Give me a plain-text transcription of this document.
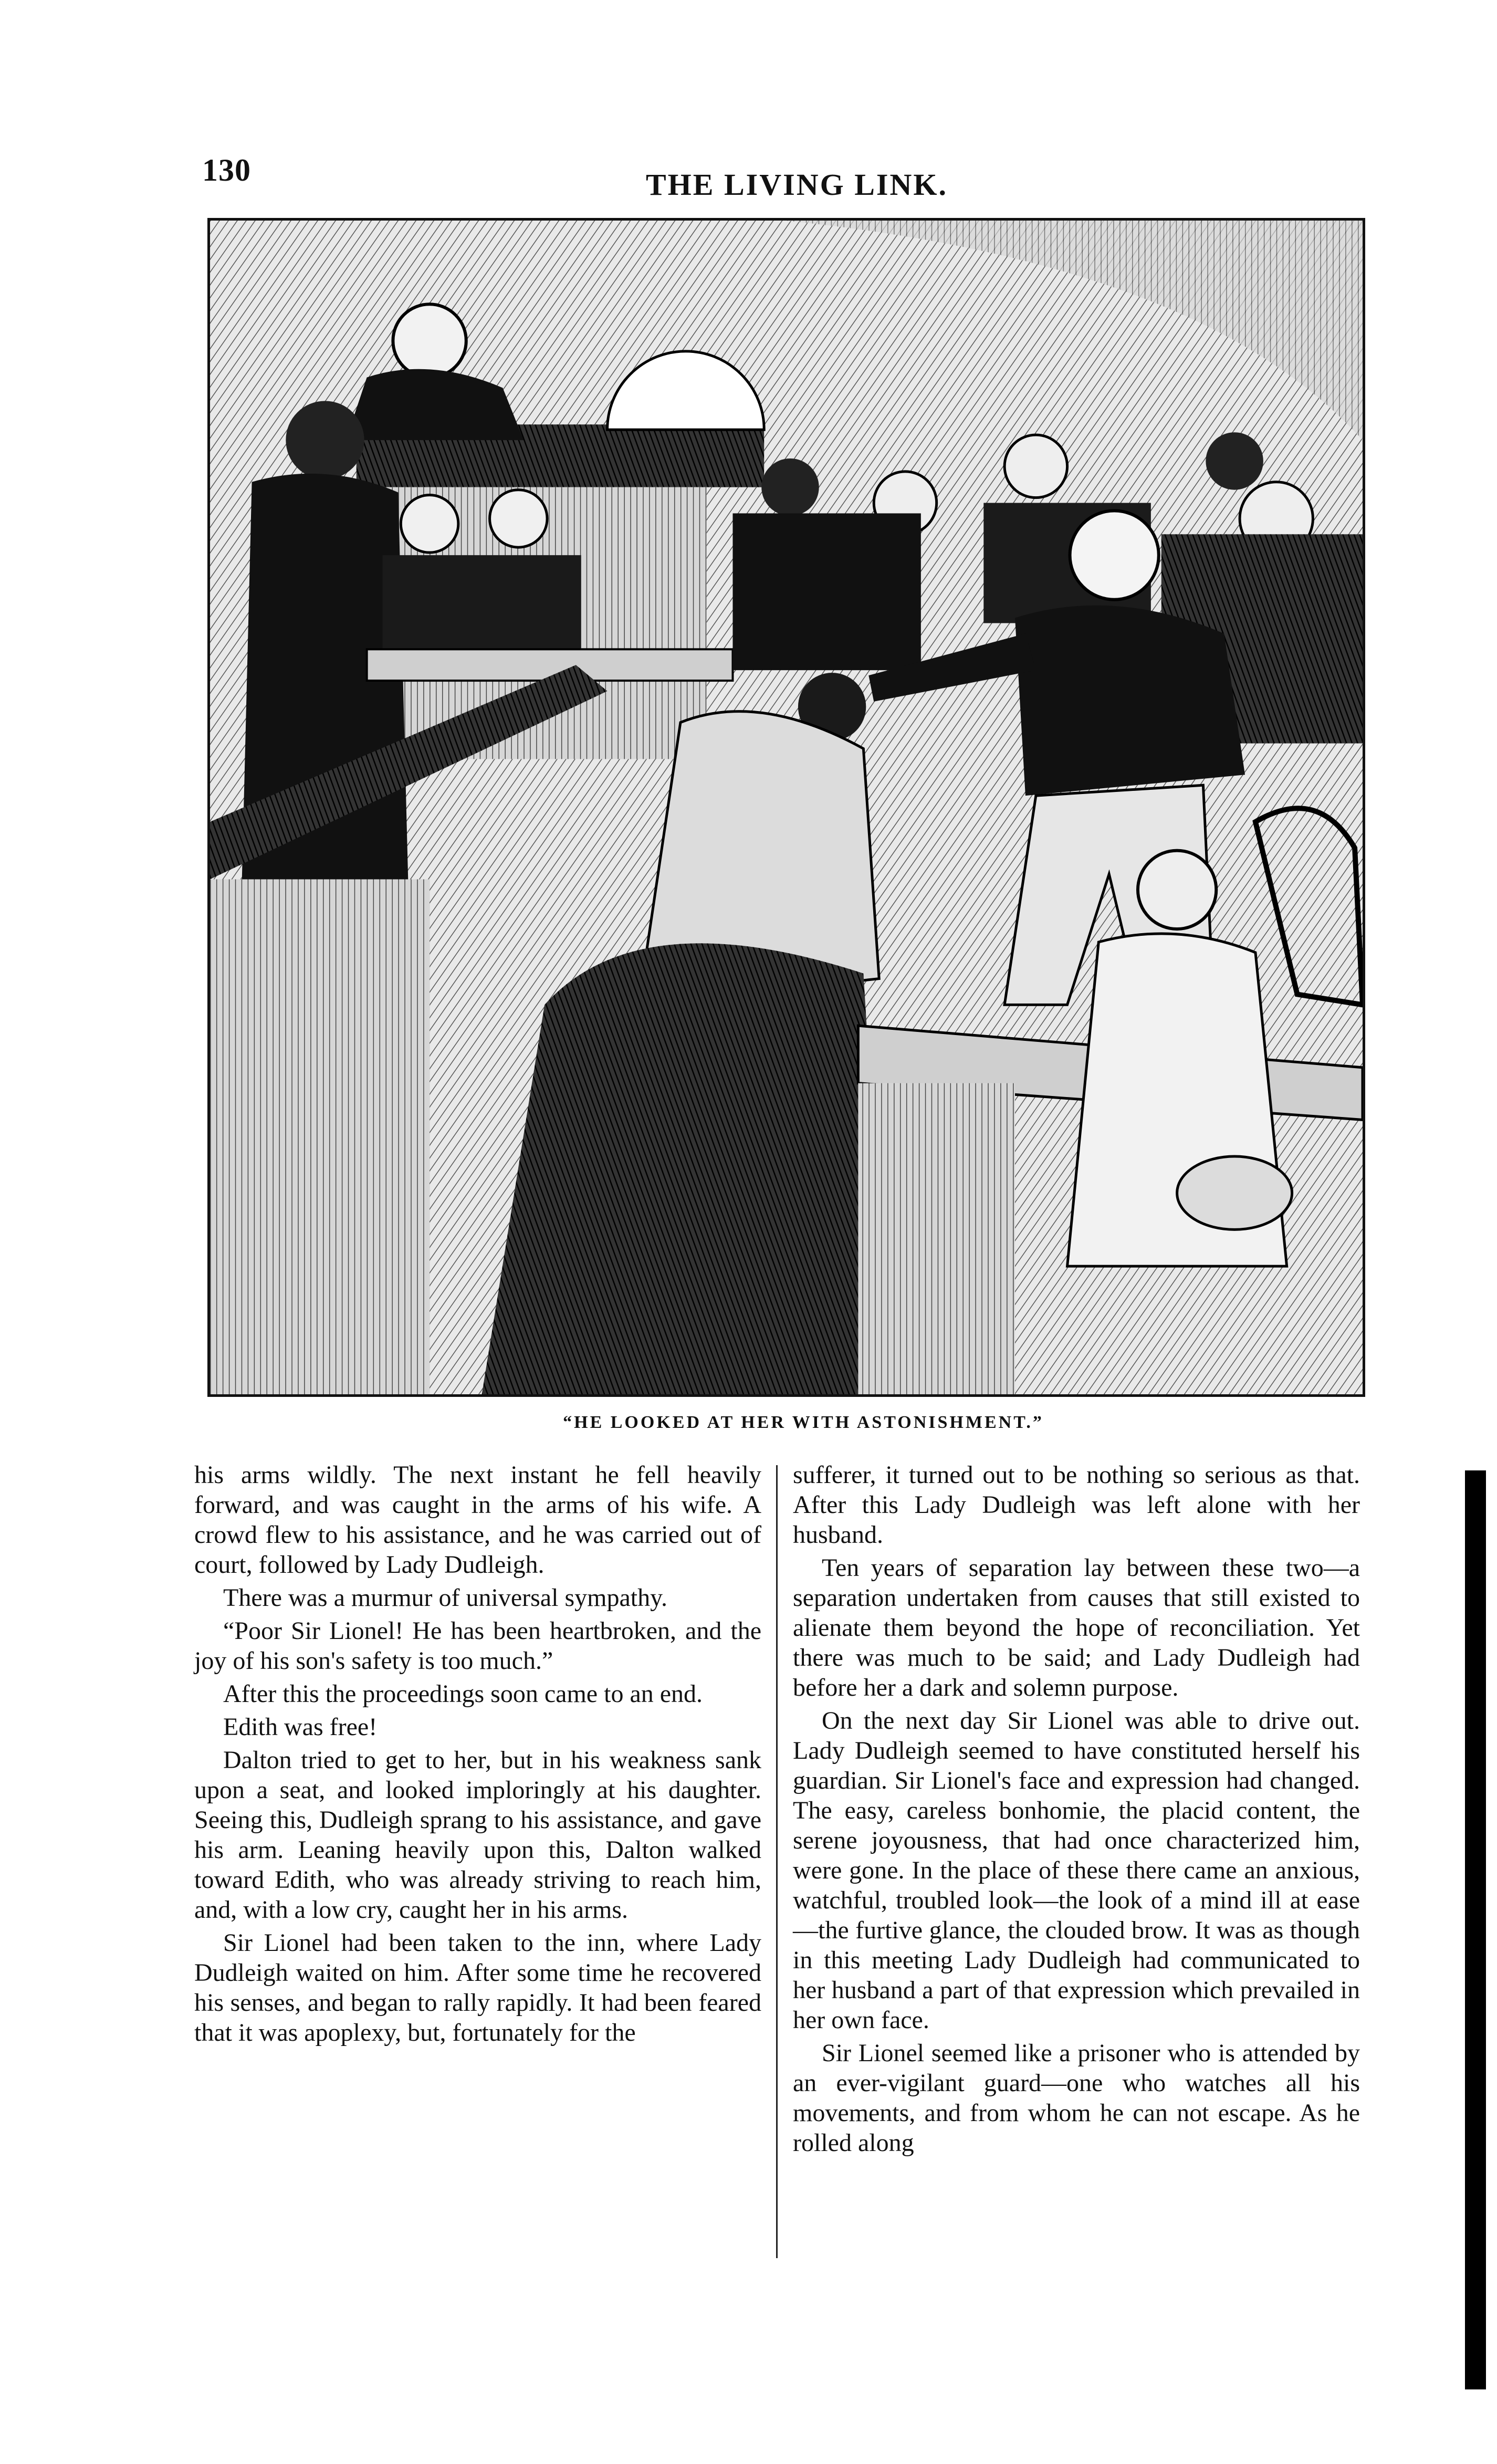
130	THE LIVING LINK.
“HE LOOKED AT HER WITH ASTONISHMENT.”

his arms wildly. The next instant he fell heavily forward, and was caught in the arms of his wife. A crowd flew to his assistance, and he was carried out of court, followed by Lady Dudleigh.

There was a murmur of universal sympathy.

“Poor Sir Lionel! He has been heartbroken, and the joy of his son's safety is too much.”

After this the proceedings soon came to an end.

Edith was free!

Dalton tried to get to her, but in his weakness sank upon a seat, and looked imploringly at his daughter. Seeing this, Dudleigh sprang to his assistance, and gave his arm. Leaning heavily upon this, Dalton walked toward Edith, who was already striving to reach him, and, with a low cry, caught her in his arms.

Sir Lionel had been taken to the inn, where Lady Dudleigh waited on him. After some time he recovered his senses, and began to rally rapidly. It had been feared that it was apoplexy, but, fortunately for the

sufferer, it turned out to be nothing so serious as that. After this Lady Dudleigh was left alone with her husband.

Ten years of separation lay between these two—a separation undertaken from causes that still existed to alienate them beyond the hope of reconciliation. Yet there was much to be said; and Lady Dudleigh had before her a dark and solemn purpose.

On the next day Sir Lionel was able to drive out. Lady Dudleigh seemed to have constituted herself his guardian. Sir Lionel's face and expression had changed. The easy, careless bonhomie, the placid content, the serene joyousness, that had once characterized him, were gone. In the place of these there came an anxious, watchful, troubled look—the look of a mind ill at ease—the furtive glance, the clouded brow. It was as though in this meeting Lady Dudleigh had communicated to her husband a part of that expression which prevailed in her own face.

Sir Lionel seemed like a prisoner who is attended by an ever-vigilant guard—one who watches all his movements, and from whom he can not escape. As he rolled along
